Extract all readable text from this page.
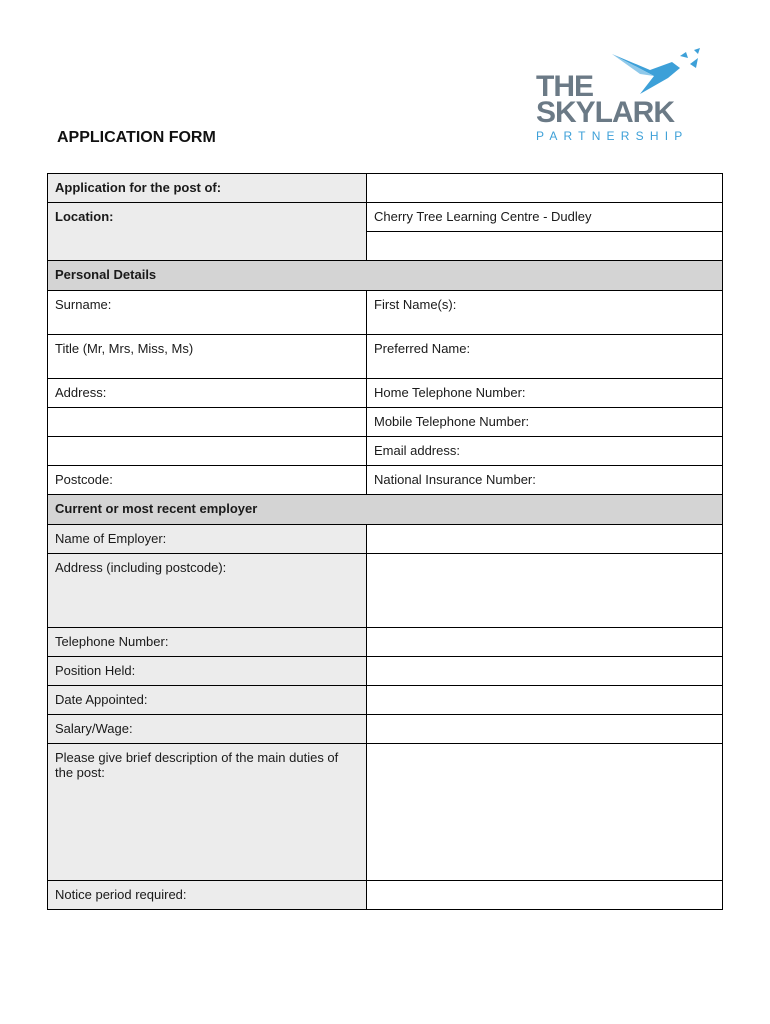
THE
SKYLARK
PARTNERSHIP
APPLICATION FORM
Application for the post of:	
Location:	Cherry Tree Learning Centre - Dudley

Personal Details	
Surname:	First Name(s):
Title (Mr, Mrs, Miss, Ms)	Preferred Name:
Address:	Home Telephone Number:
	Mobile Telephone Number:
	Email address:
Postcode:	National Insurance Number:
Current or most recent employer	
Name of Employer:	
Address (including postcode):	
Telephone Number:	
Position Held:	
Date Appointed:	
Salary/Wage:	
Please give brief description of the main duties of the post:	
Notice period required:	
